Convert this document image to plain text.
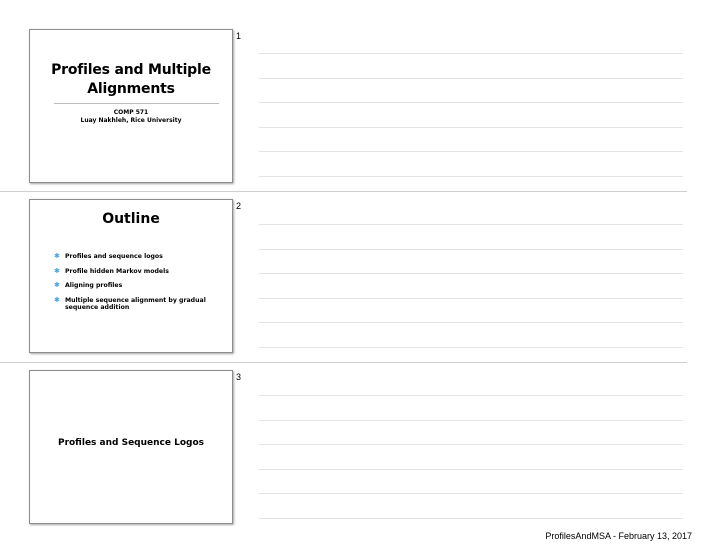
Profiles and Multiple
Alignments
COMP 571
Luay Nakhleh, Rice University
1
Outline
✱ Profiles and sequence logos
✱ Profile hidden Markov models
✱ Aligning profiles
✱ Multiple sequence alignment by gradual
sequence addition
2
Profiles and Sequence Logos
3
ProfilesAndMSA - February 13, 2017
